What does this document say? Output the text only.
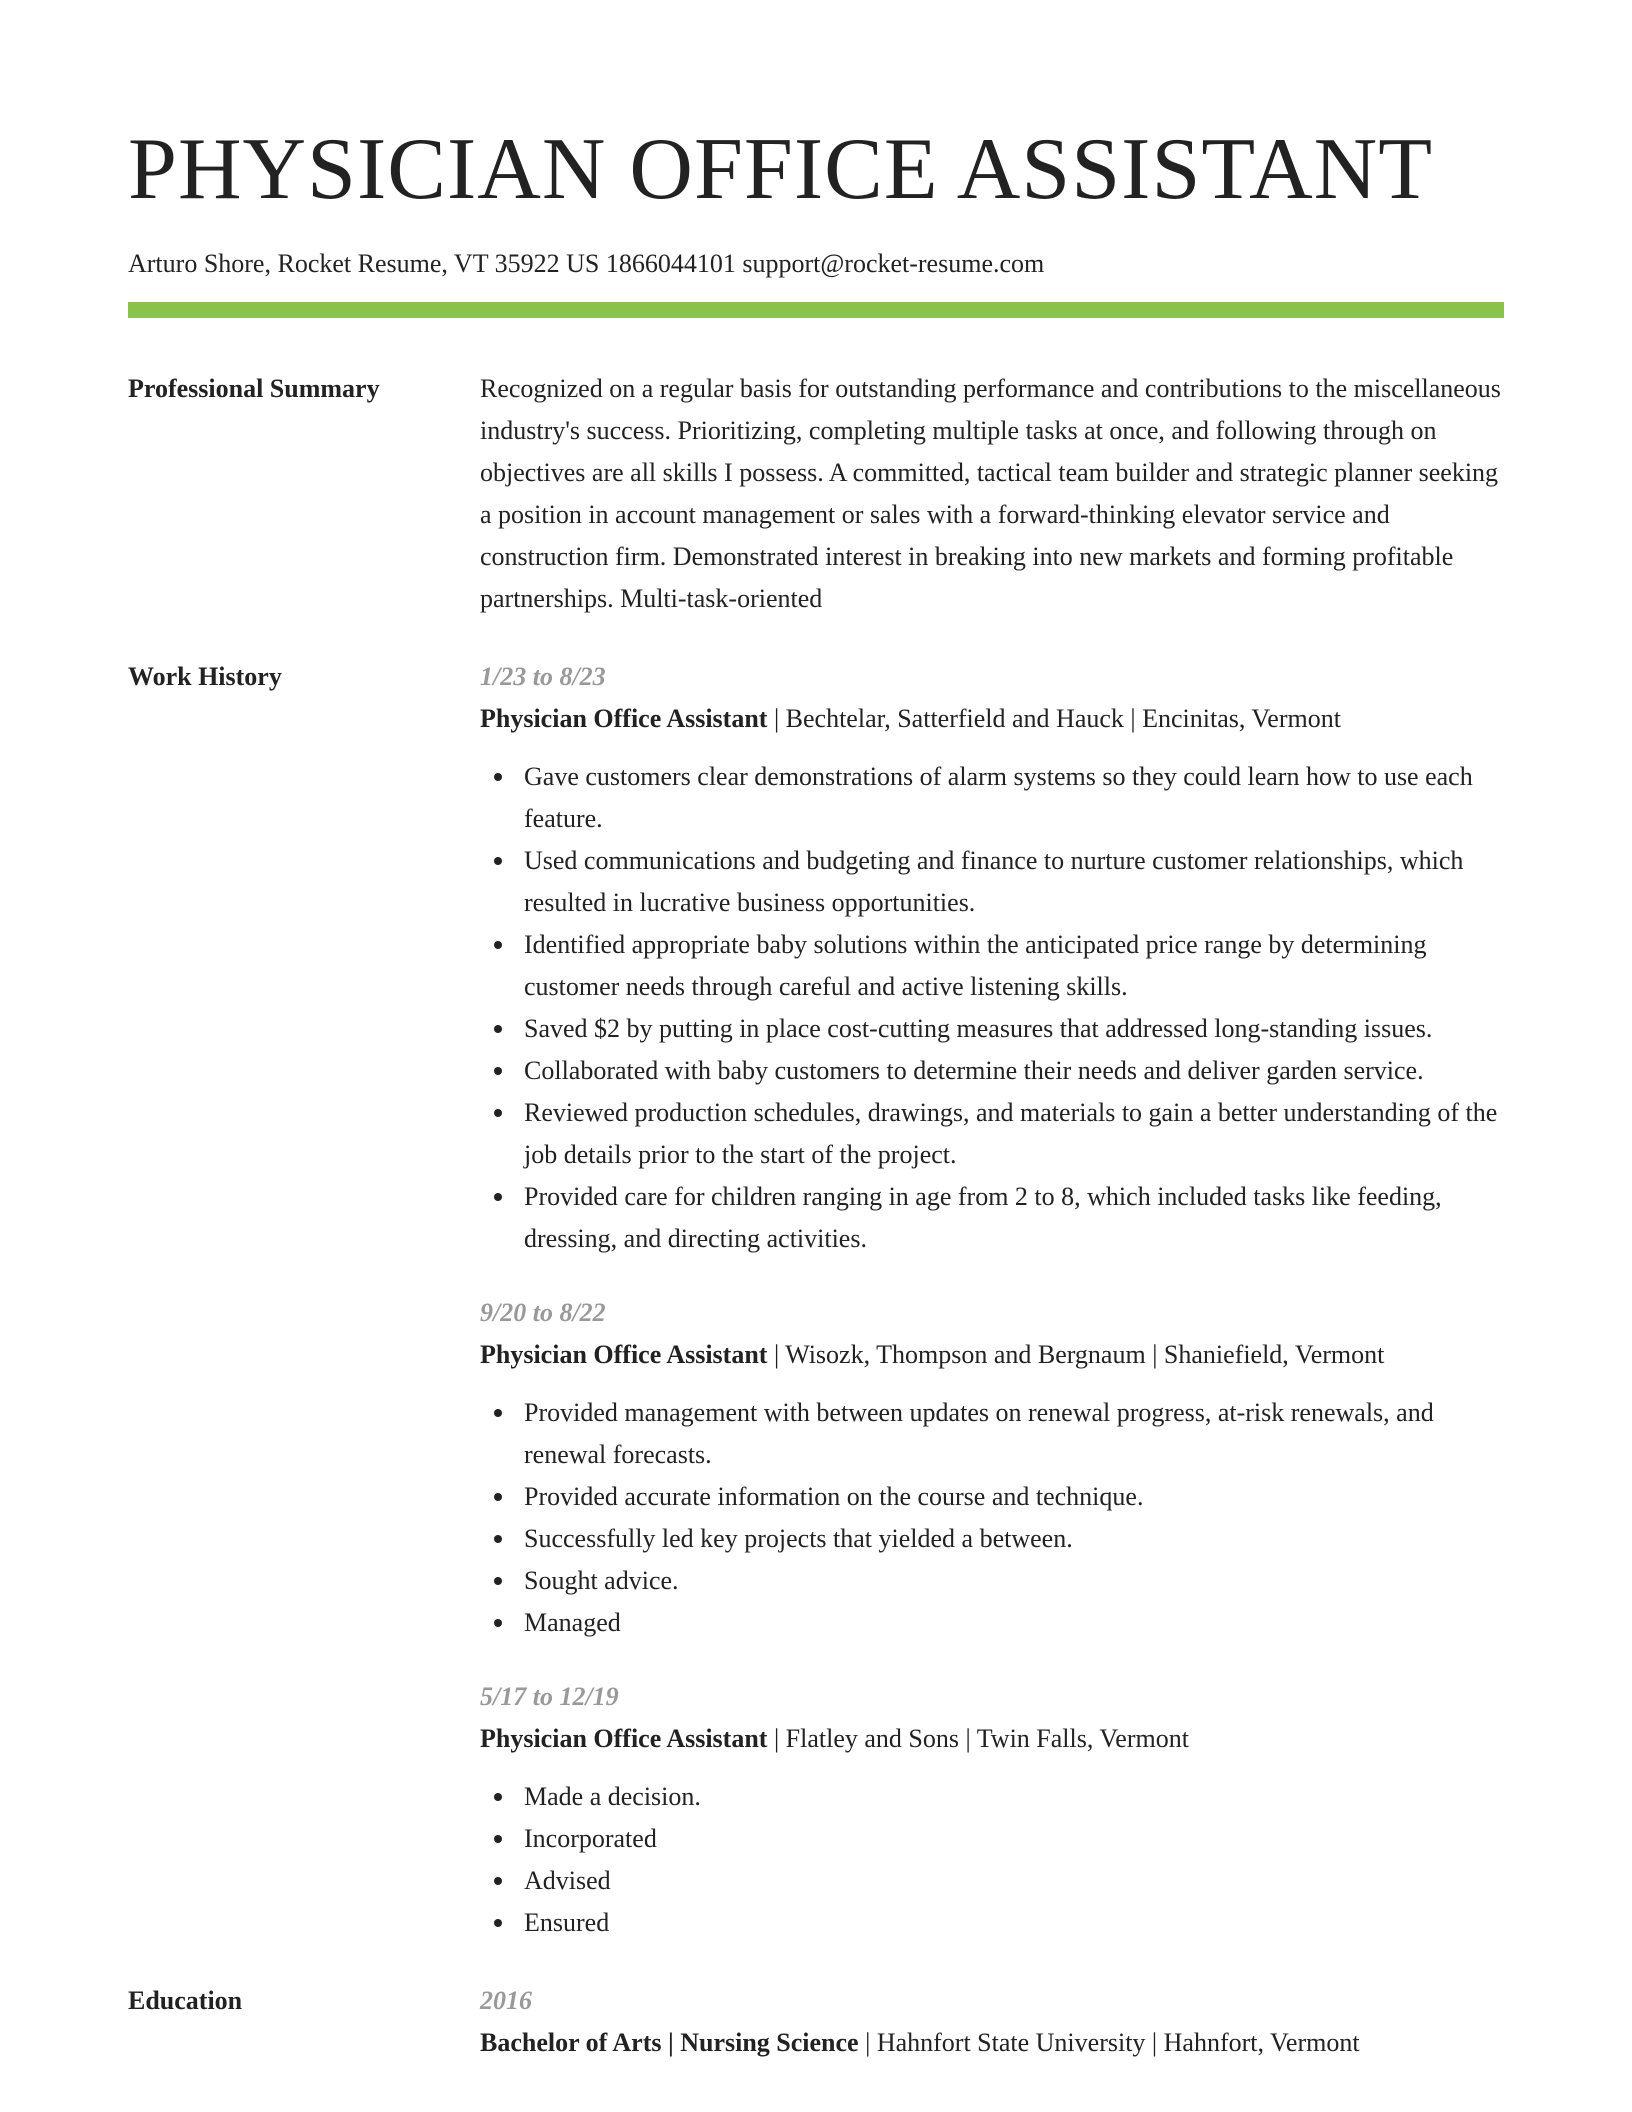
PHYSICIAN OFFICE ASSISTANT
Arturo Shore, Rocket Resume, VT 35922 US 1866044101 support@rocket-resume.com
Professional Summary	Recognized on a regular basis for outstanding performance and contributions to the miscellaneous industry's success. Prioritizing, completing multiple tasks at once, and following through on objectives are all skills I possess. A committed, tactical team builder and strategic planner seeking a position in account management or sales with a forward-thinking elevator service and construction firm. Demonstrated interest in breaking into new markets and forming profitable partnerships. Multi-task-oriented
Work History	1/23 to 8/23
Physician Office Assistant | Bechtelar, Satterfield and Hauck | Encinitas, Vermont
Gave customers clear demonstrations of alarm systems so they could learn how to use each feature.
Used communications and budgeting and finance to nurture customer relationships, which resulted in lucrative business opportunities.
Identified appropriate baby solutions within the anticipated price range by determining customer needs through careful and active listening skills.
Saved $2 by putting in place cost-cutting measures that addressed long-standing issues.
Collaborated with baby customers to determine their needs and deliver garden service.
Reviewed production schedules, drawings, and materials to gain a better understanding of the job details prior to the start of the project.
Provided care for children ranging in age from 2 to 8, which included tasks like feeding, dressing, and directing activities.
9/20 to 8/22
Physician Office Assistant | Wisozk, Thompson and Bergnaum | Shaniefield, Vermont
Provided management with between updates on renewal progress, at-risk renewals, and renewal forecasts.
Provided accurate information on the course and technique.
Successfully led key projects that yielded a between.
Sought advice.
Managed
5/17 to 12/19
Physician Office Assistant | Flatley and Sons | Twin Falls, Vermont
Made a decision.
Incorporated
Advised
Ensured
Education	2016
Bachelor of Arts | Nursing Science | Hahnfort State University | Hahnfort, Vermont
